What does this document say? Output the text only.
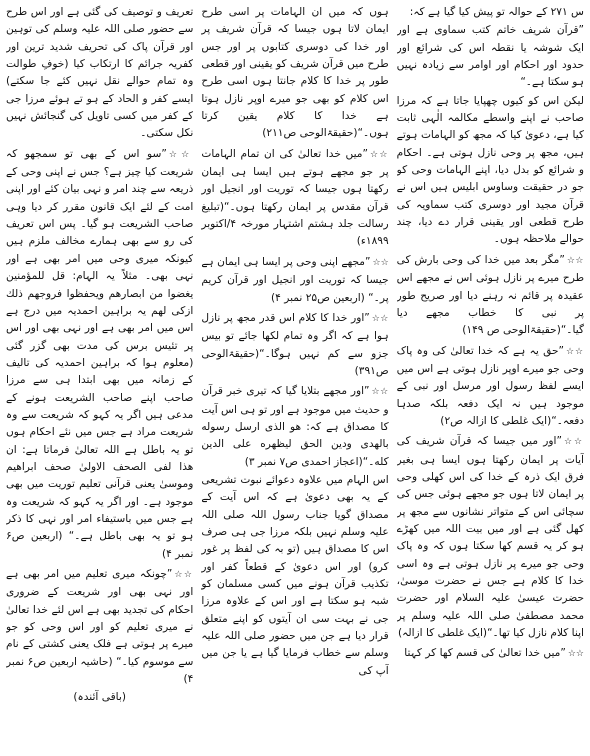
س ۲۷۱ کے حوالہ تو پیش کیا گیا ہے کہ:

”قرآن شریف خاتم کتب سماوی ہے اور ایک شوشہ یا نقطہ اس کی شرائع اور حدود اور احکام اور اوامر سے زیادہ نہیں ہو سکتا ہے۔“

لیکن اس کو کیوں چھپایا جاتا ہے کہ مرزا صاحب نے اپنے واسطے مکالمہ الٰہی ثابت کیا ہے، دعویٰ کیا کہ مجھ کو الہامات ہوتے ہیں، مجھ پر وحی نازل ہوتی ہے۔ احکام و شرائع کو بدل دیا، اپنے الہامات وحی کو جو در حقیقت وساوس ابلیس ہیں اس نے قرآن مجید اور دوسری کتب سماویہ کی طرح قطعی اور یقینی قرار دے دیا، چند حوالے ملاحظہ ہوں۔

☆☆”مگر بعد میں خدا کی وحی بارش کی طرح میرے پر نازل ہوئی اس نے مجھے اس عقیدہ پر قائم نہ رہنے دیا اور صریح طور پر نبی کا خطاب مجھے دیا گیا۔“(حقیقۃالوحی ص ۱۴۹)

☆☆”حق یہ ہے کہ خدا تعالیٰ کی وہ پاک وحی جو میرے اوپر نازل ہوتی ہے اس میں ایسے لفظ رسول اور مرسل اور نبی کے موجود ہیں نہ ایک دفعہ بلکہ صدہا دفعہ۔“(ایک غلطی کا ازالہ ص۲)

☆☆”اور میں جیسا کہ قرآن شریف کی آیات پر ایمان رکھتا ہوں ایسا ہی بغیر فرق ایک ذرہ کے خدا کی اس کھلی وحی پر ایمان لاتا ہوں جو مجھے ہوئی جس کی سچائی اس کے متواتر نشانوں سے مجھ پر کھل گئی ہے اور میں بیت اللہ میں کھڑے ہو کر یہ قسم کھا سکتا ہوں کہ وہ پاک وحی جو میرے پر نازل ہوتی ہے وہ اسی خدا کا کلام ہے جس نے حضرت موسیٰ، حضرت عیسیٰ علیہ السلام اور حضرت محمد مصطفیٰ صلی اللہ علیہ وسلم پر اپنا کلام نازل کیا تھا۔“(ایک غلطی کا ازالہ)

☆☆”میں خدا تعالیٰ کی قسم کھا کر کہتا

ہوں کہ میں ان الہامات پر اسی طرح ایمان لاتا ہوں جیسا کہ قرآن شریف پر اور خدا کی دوسری کتابوں پر اور جس طرح میں قرآن شریف کو یقینی اور قطعی طور پر خدا کا کلام جانتا ہوں اسی طرح اس کلام کو بھی جو میرے اوپر نازل ہوتا ہے خدا کا کلام یقین کرتا ہوں۔“(حقیقۃالوحی ص۲۱۱)

☆☆”میں خدا تعالیٰ کی ان تمام الہامات پر جو مجھے ہوتے ہیں ایسا ہی ایمان رکھتا ہوں جیسا کہ توریت اور انجیل اور قرآن مقدس پر ایمان رکھتا ہوں۔“(تبلیغ رسالت جلد ہشتم اشتہار مورخہ ۴/اکتوبر ۱۸۹۹ء)

☆☆”مجھے اپنی وحی پر ایسا ہی ایمان ہے جیسا کہ توریت اور انجیل اور قرآن کریم پر۔“ (اربعین ص۲۵ نمبر ۴)

☆☆”اور خدا کا کلام اس قدر مجھ پر نازل ہوا ہے کہ اگر وہ تمام لکھا جائے تو بیس جزو سے کم نہیں ہوگا۔“(حقیقۃالوحی ص۳۹۱)

☆☆”اور مجھے بتلایا گیا کہ تیری خبر قرآن و حدیث میں موجود ہے اور تو ہی اس آیت کا مصداق ہے کہ: هو الذی ارسل رسوله بالهدى ودين الحق ليظهره على الدين كله۔“(اعجاز احمدی ص۷ نمبر ۳)

اس الہام میں علاوہ دعوائے نبوت تشریعی کے یہ بھی دعویٰ ہے کہ اس آیت کے مصداق گویا جناب رسول اللہ صلی اللہ علیہ وسلم نہیں بلکہ مرزا جی ہی صرف اس کا مصداق ہیں (تو بہ کی لفظ پر غور کرو) اور اس دعویٰ کے قطعاً کفر اور تکذیب قرآن ہونے میں کسی مسلمان کو شبہ ہو سکتا ہے اور اس کے علاوہ مرزا جی نے بہت سی ان آیتوں کو اپنے متعلق قرار دیا ہے جن میں حضور صلی اللہ علیہ وسلم سے خطاب فرمایا گیا ہے یا جن میں آپ کی

تعریف و توصیف کی گئی ہے اور اس طرح سے حضور صلی اللہ علیہ وسلم کی توہین اور قرآن پاک کی تحریف شدید ترین اور کفریہ جرائم کا ارتکاب کیا (خوفِ طوالت وہ تمام حوالے نقل نہیں کئے جا سکتے) ایسے کفر و الحاد کے ہو تے ہوئے مرزا جی کے کفر میں کسی تاویل کی گنجائش نہیں نکل سکتی۔

☆☆”سو اس کے بھی تو سمجھو کہ شریعت کیا چیز ہے؟ جس نے اپنی وحی کے ذریعہ سے چند امر و نہی بیان کئے اور اپنی امت کے لئے ایک قانون مقرر کر دیا وہی صاحب الشریعت ہو گیا۔ پس اس تعریف کی رو سے بھی ہمارے مخالف ملزم ہیں کیونکہ میری وحی میں امر بھی ہے اور نہی بھی۔ مثلاً یہ الہام: قل للمؤمنين يغضوا من ابصارهم ويحفظوا فروجهم ذلك ازكى لهم یہ براہین احمدیہ میں درج ہے اس میں امر بھی ہے اور نہی بھی اور اس پر تئیس برس کی مدت بھی گزر گئی (معلوم ہوا کہ براہین احمدیہ کی تالیف کے زمانہ میں بھی ابتدا ہی سے مرزا صاحب اپنے صاحب الشریعت ہونے کے مدعی ہیں اگر یہ کہو کہ شریعت سے وہ شریعت مراد ہے جس میں نئے احکام ہوں تو یہ باطل ہے اللہ تعالیٰ فرماتا ہے: ان هذا لفی الصحف الاولیٰ صحف ابراهیم وموسیٰ یعنی قرآنی تعلیم توریت میں بھی موجود ہے۔ اور اگر یہ کہو کہ شریعت وہ ہے جس میں باستیفاء امر اور نہی کا ذکر ہو تو یہ بھی باطل ہے۔“ (اربعین ص۶ نمبر ۴)

☆☆”چونکہ میری تعلیم میں امر بھی ہے اور نہی بھی اور شریعت کے ضروری احکام کی تجدید بھی ہے اس لئے خدا تعالیٰ نے میری تعلیم کو اور اس وحی کو جو میرے پر ہوتی ہے فلک یعنی کشتی کے نام سے موسوم کیا۔“ (حاشیہ اربعین ص۶ نمبر ۴)

(باقی آئندہ)
